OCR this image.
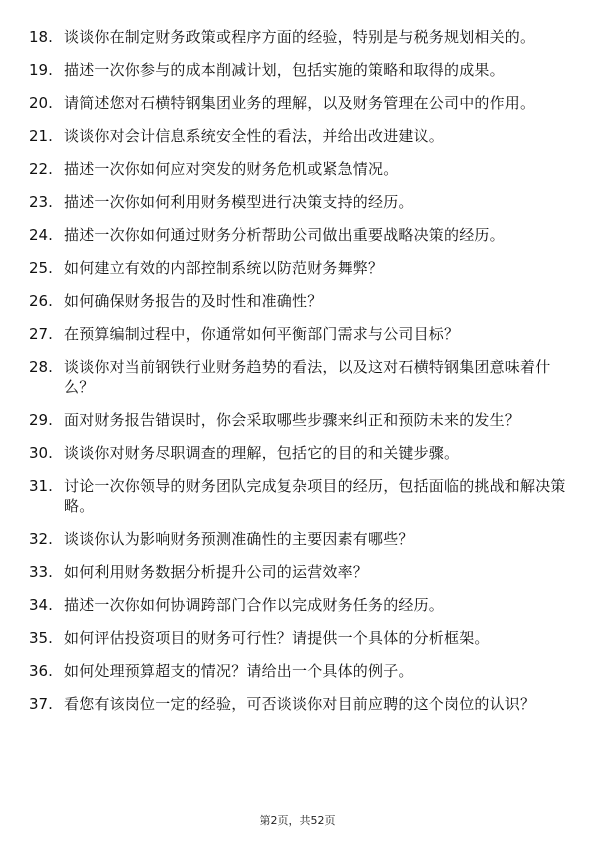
18. 谈谈你在制定财务政策或程序方面的经验，特别是与税务规划相关的。
19. 描述一次你参与的成本削减计划，包括实施的策略和取得的成果。
20. 请简述您对石横特钢集团业务的理解，以及财务管理在公司中的作用。
21. 谈谈你对会计信息系统安全性的看法，并给出改进建议。
22. 描述一次你如何应对突发的财务危机或紧急情况。
23. 描述一次你如何利用财务模型进行决策支持的经历。
24. 描述一次你如何通过财务分析帮助公司做出重要战略决策的经历。
25. 如何建立有效的内部控制系统以防范财务舞弊？
26. 如何确保财务报告的及时性和准确性？
27. 在预算编制过程中，你通常如何平衡部门需求与公司目标？
28. 谈谈你对当前钢铁行业财务趋势的看法，以及这对石横特钢集团意味着什么？
29. 面对财务报告错误时，你会采取哪些步骤来纠正和预防未来的发生？
30. 谈谈你对财务尽职调查的理解，包括它的目的和关键步骤。
31. 讨论一次你领导的财务团队完成复杂项目的经历，包括面临的挑战和解决策略。
32. 谈谈你认为影响财务预测准确性的主要因素有哪些？
33. 如何利用财务数据分析提升公司的运营效率？
34. 描述一次你如何协调跨部门合作以完成财务任务的经历。
35. 如何评估投资项目的财务可行性？请提供一个具体的分析框架。
36. 如何处理预算超支的情况？请给出一个具体的例子。
37. 看您有该岗位一定的经验，可否谈谈你对目前应聘的这个岗位的认识？
第2页，共52页
